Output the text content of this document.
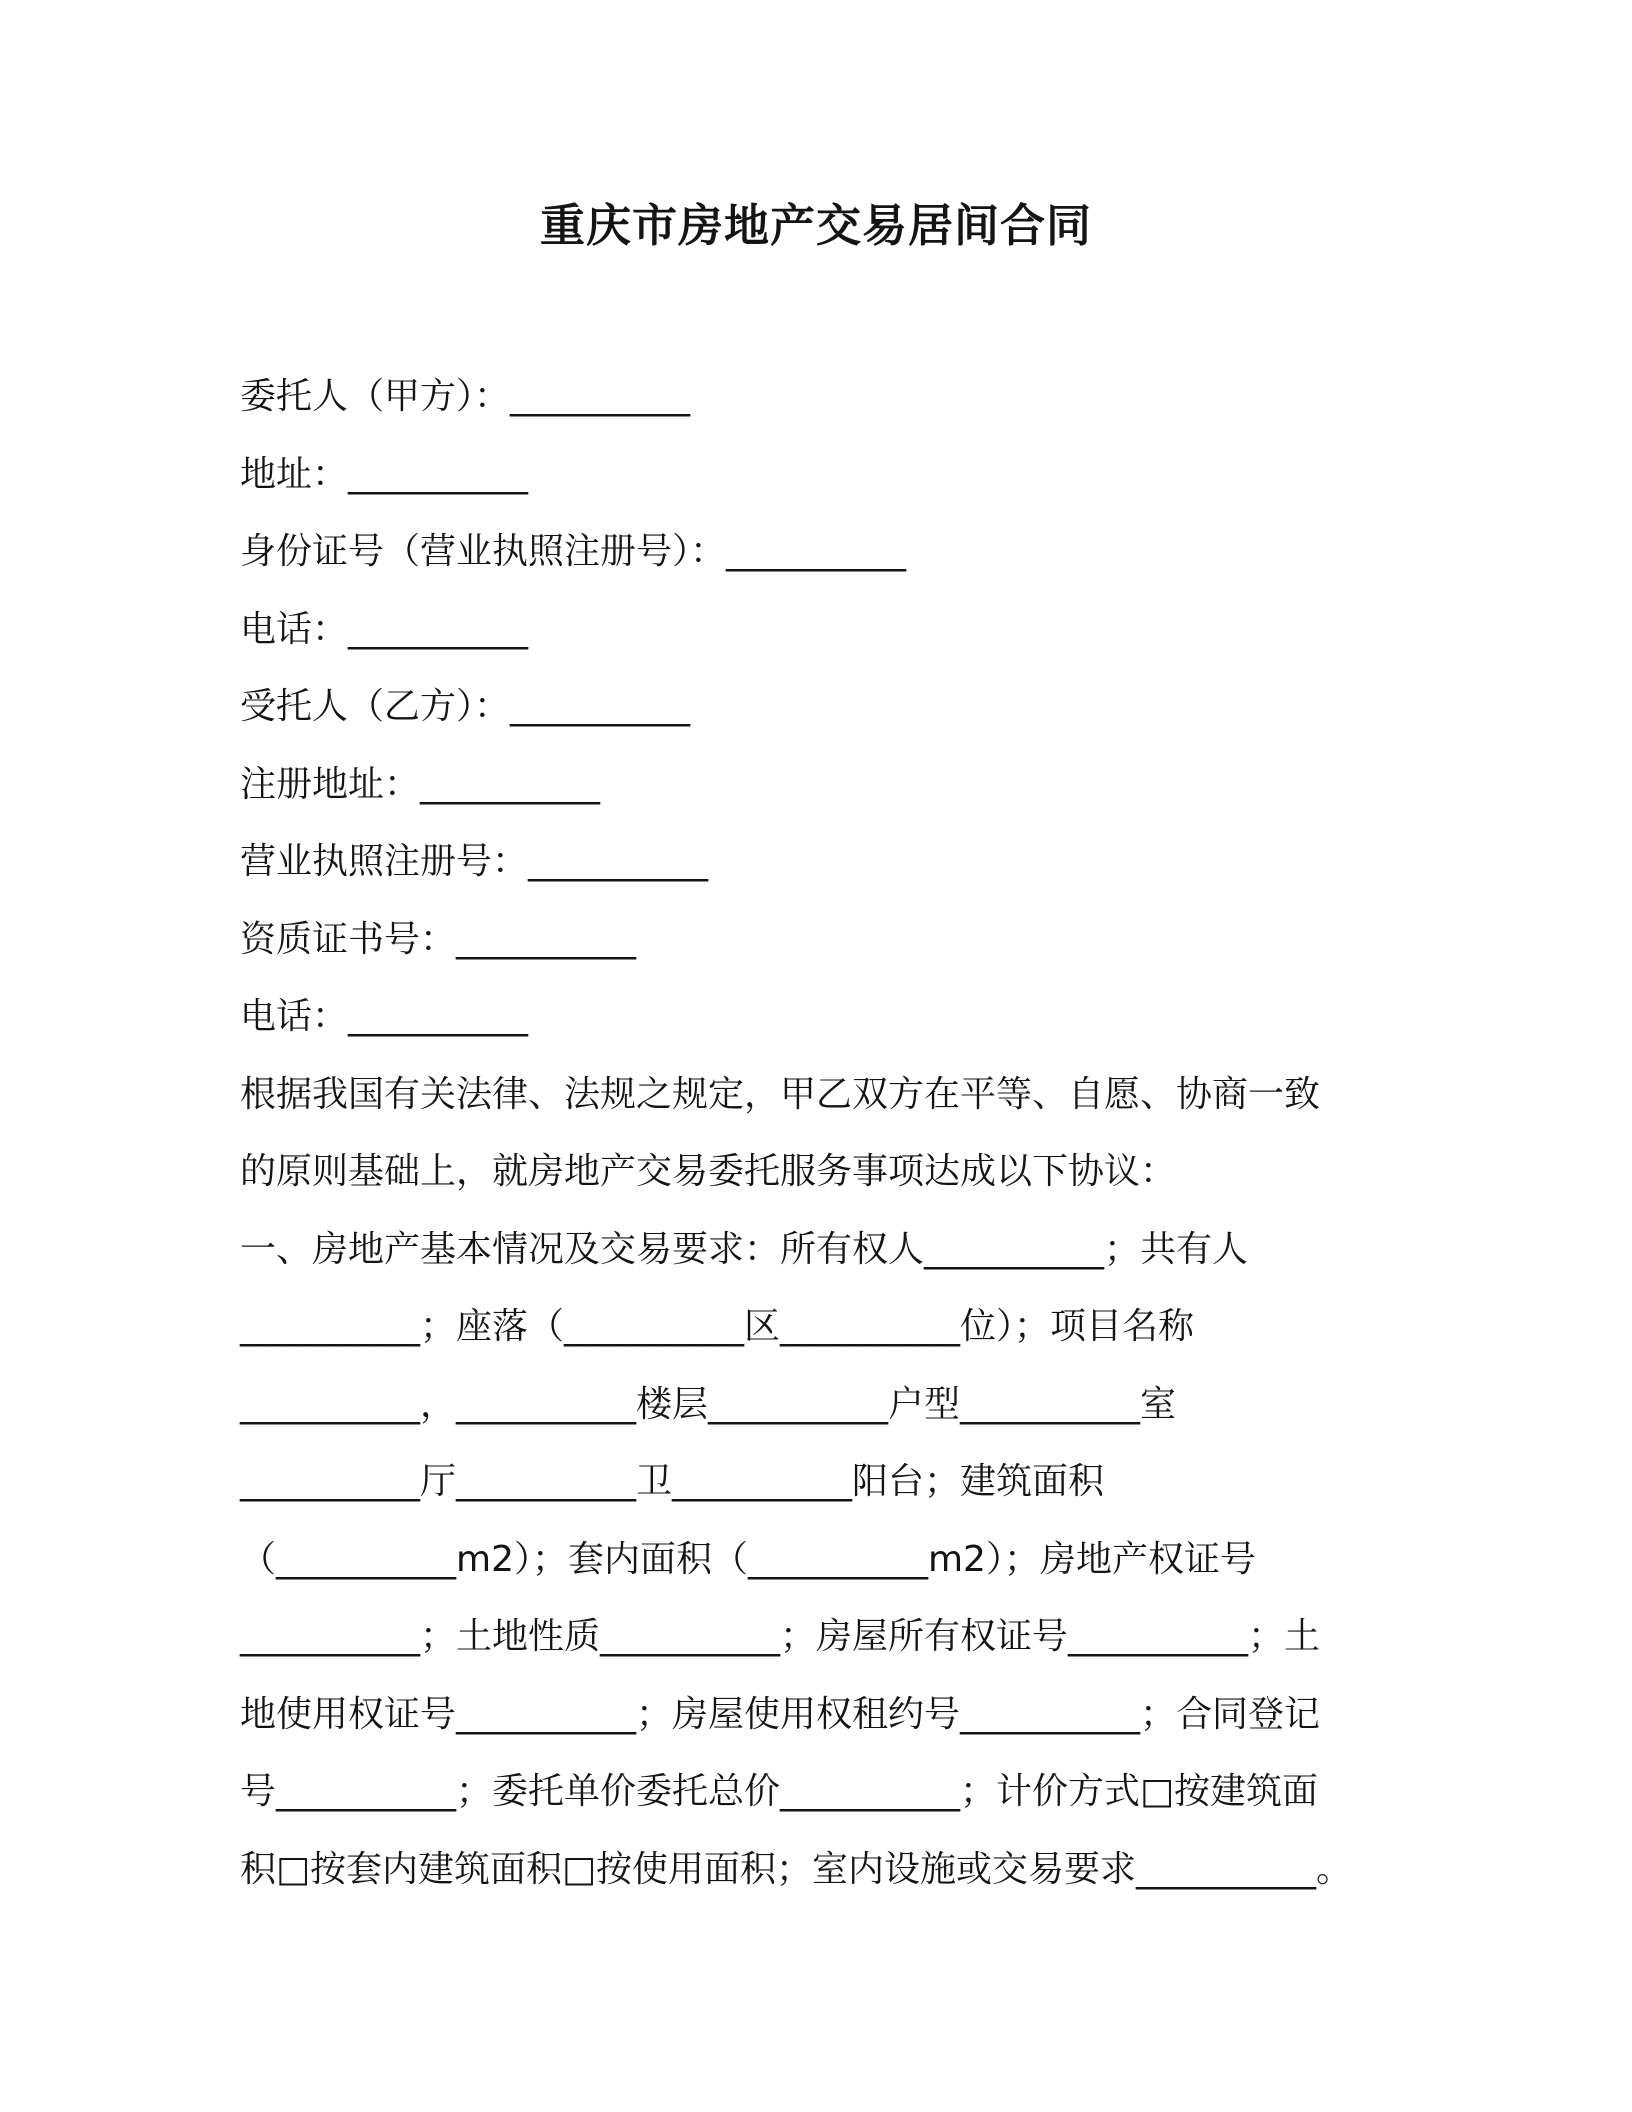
重庆市房地产交易居间合同
委托人（甲方）：__________
地址：__________
身份证号（营业执照注册号）：__________
电话：__________
受托人（乙方）：__________
注册地址：__________
营业执照注册号：__________
资质证书号：__________
电话：__________
根据我国有关法律、法规之规定，甲乙双方在平等、自愿、协商一致
的原则基础上，就房地产交易委托服务事项达成以下协议：
一、房地产基本情况及交易要求：所有权人__________；共有人
__________；座落（__________区__________位）；项目名称
__________，__________楼层__________户型__________室
__________厅__________卫__________阳台；建筑面积
（__________m2）；套内面积（__________m2）；房地产权证号
__________；土地性质__________；房屋所有权证号__________；土
地使用权证号__________；房屋使用权租约号__________；合同登记
号__________；委托单价委托总价__________；计价方式□按建筑面
积□按套内建筑面积□按使用面积；室内设施或交易要求__________。
